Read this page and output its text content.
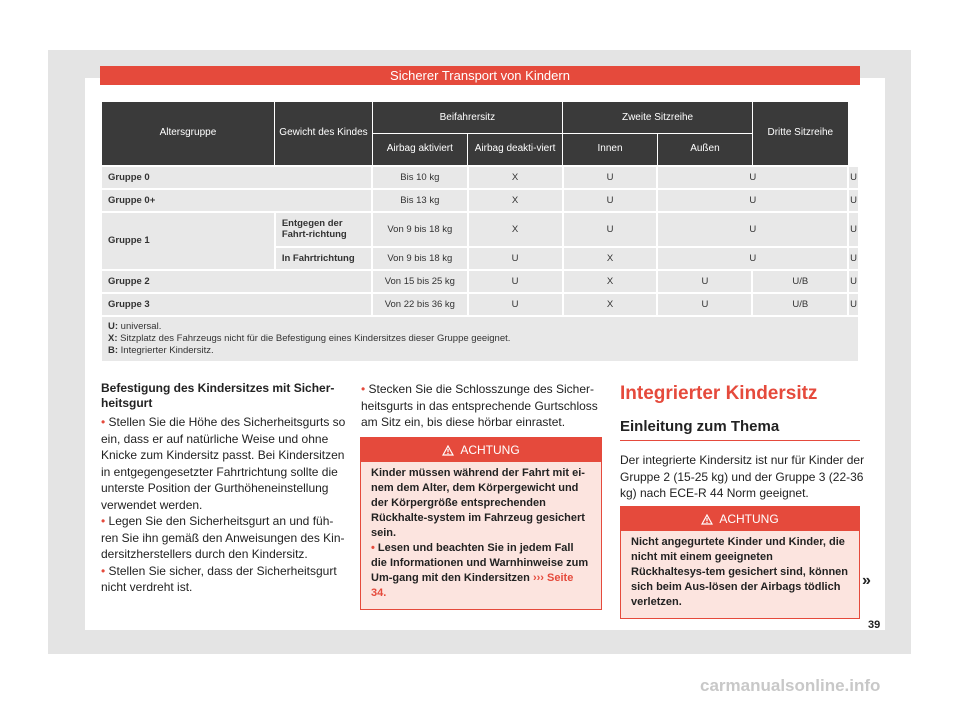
Sicherer Transport von Kindern
Altersgruppe	Gewicht des Kindes	Beifahrersitz		Zweite Sitzreihe		Dritte Sitzreihe	
		Airbag aktiviert	Airbag deakti-viert	Innen	Außen		
Gruppe 0		Bis 10 kg	X	U	U		U
Gruppe 0+		Bis 13 kg	X	U	U		U
Gruppe 1	Entgegen der Fahrt-richtung	Von 9 bis 18 kg	X	U	U		U
	In Fahrtrichtung	Von 9 bis 18 kg	U	X	U		U
Gruppe 2		Von 15 bis 25 kg	U	X	U	U/B	U
Gruppe 3		Von 22 bis 36 kg	U	X	U	U/B	U
U: universal.
X: Sitzplatz des Fahrzeugs nicht für die Befestigung eines Kindersitzes dieser Gruppe geeignet.
B: Integrierter Kindersitz.							
Befestigung des Kindersitzes mit Sicher-heitsgurt

• Stellen Sie die Höhe des Sicherheitsgurts so ein, dass er auf natürliche Weise und ohne Knicke zum Kindersitz passt. Bei Kindersitzen in entgegengesetzter Fahrtrichtung sollte die unterste Position der Gurthöheneinstellung verwendet werden.

• Legen Sie den Sicherheitsgurt an und füh-ren Sie ihn gemäß den Anweisungen des Kin-dersitzherstellers durch den Kindersitz.

• Stellen Sie sicher, dass der Sicherheitsgurt nicht verdreht ist.

• Stecken Sie die Schlosszunge des Sicher-heitsgurts in das entsprechende Gurtschloss am Sitz ein, bis diese hörbar einrastet.

ACHTUNG

Kinder müssen während der Fahrt mit ei-nem dem Alter, dem Körpergewicht und der Körpergröße entsprechenden Rückhalte-system im Fahrzeug gesichert sein.

• Lesen und beachten Sie in jedem Fall die Informationen und Warnhinweise zum Um-gang mit den Kindersitzen ››› Seite 34.

Integrierter Kindersitz
Einleitung zum Thema

Der integrierte Kindersitz ist nur für Kinder der Gruppe 2 (15-25 kg) und der Gruppe 3 (22-36 kg) nach ECE-R 44 Norm geeignet.

ACHTUNG

Nicht angegurtete Kinder und Kinder, die nicht mit einem geeigneten Rückhaltesys-tem gesichert sind, können sich beim Aus-lösen der Airbags tödlich verletzen.

»
39
carmanualsonline.info
